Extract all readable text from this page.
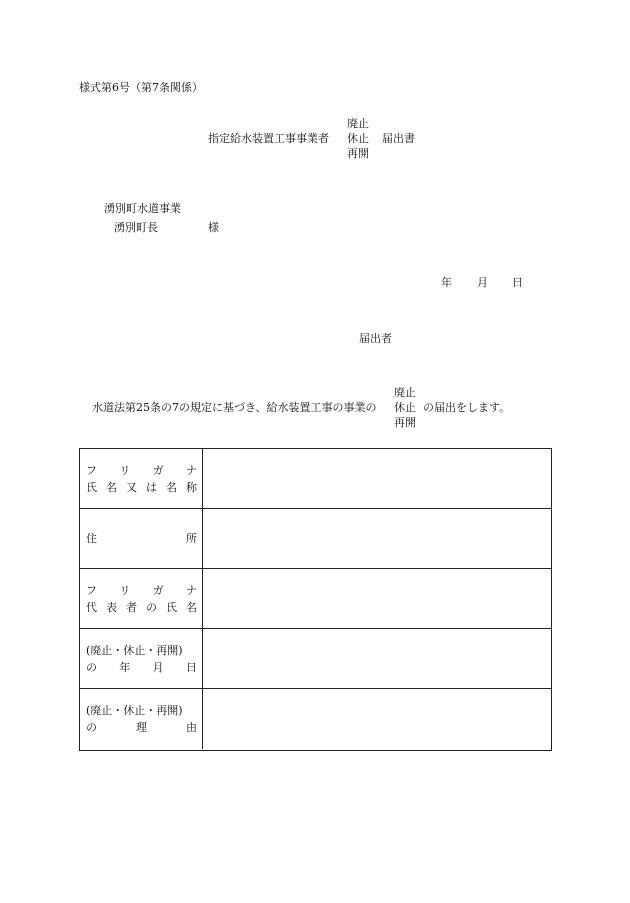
様式第6号（第7条関係）
指定給水装置工事事業者
廃止
休止
再開
届出書
湧別町水道事業
湧別町長	様
年 月 日
届出者
水道法第25条の7の規定に基づき、給水装置工事の事業の
廃止
休止
再開
の届出をします。
フ リ ガ ナ
氏 名 又 は 名 称
住	所
フ リ ガ ナ
代 表 者 の 氏 名
(廃止・休止・再開)
の 年 月 日
(廃止・休止・再開)
の	理	由
